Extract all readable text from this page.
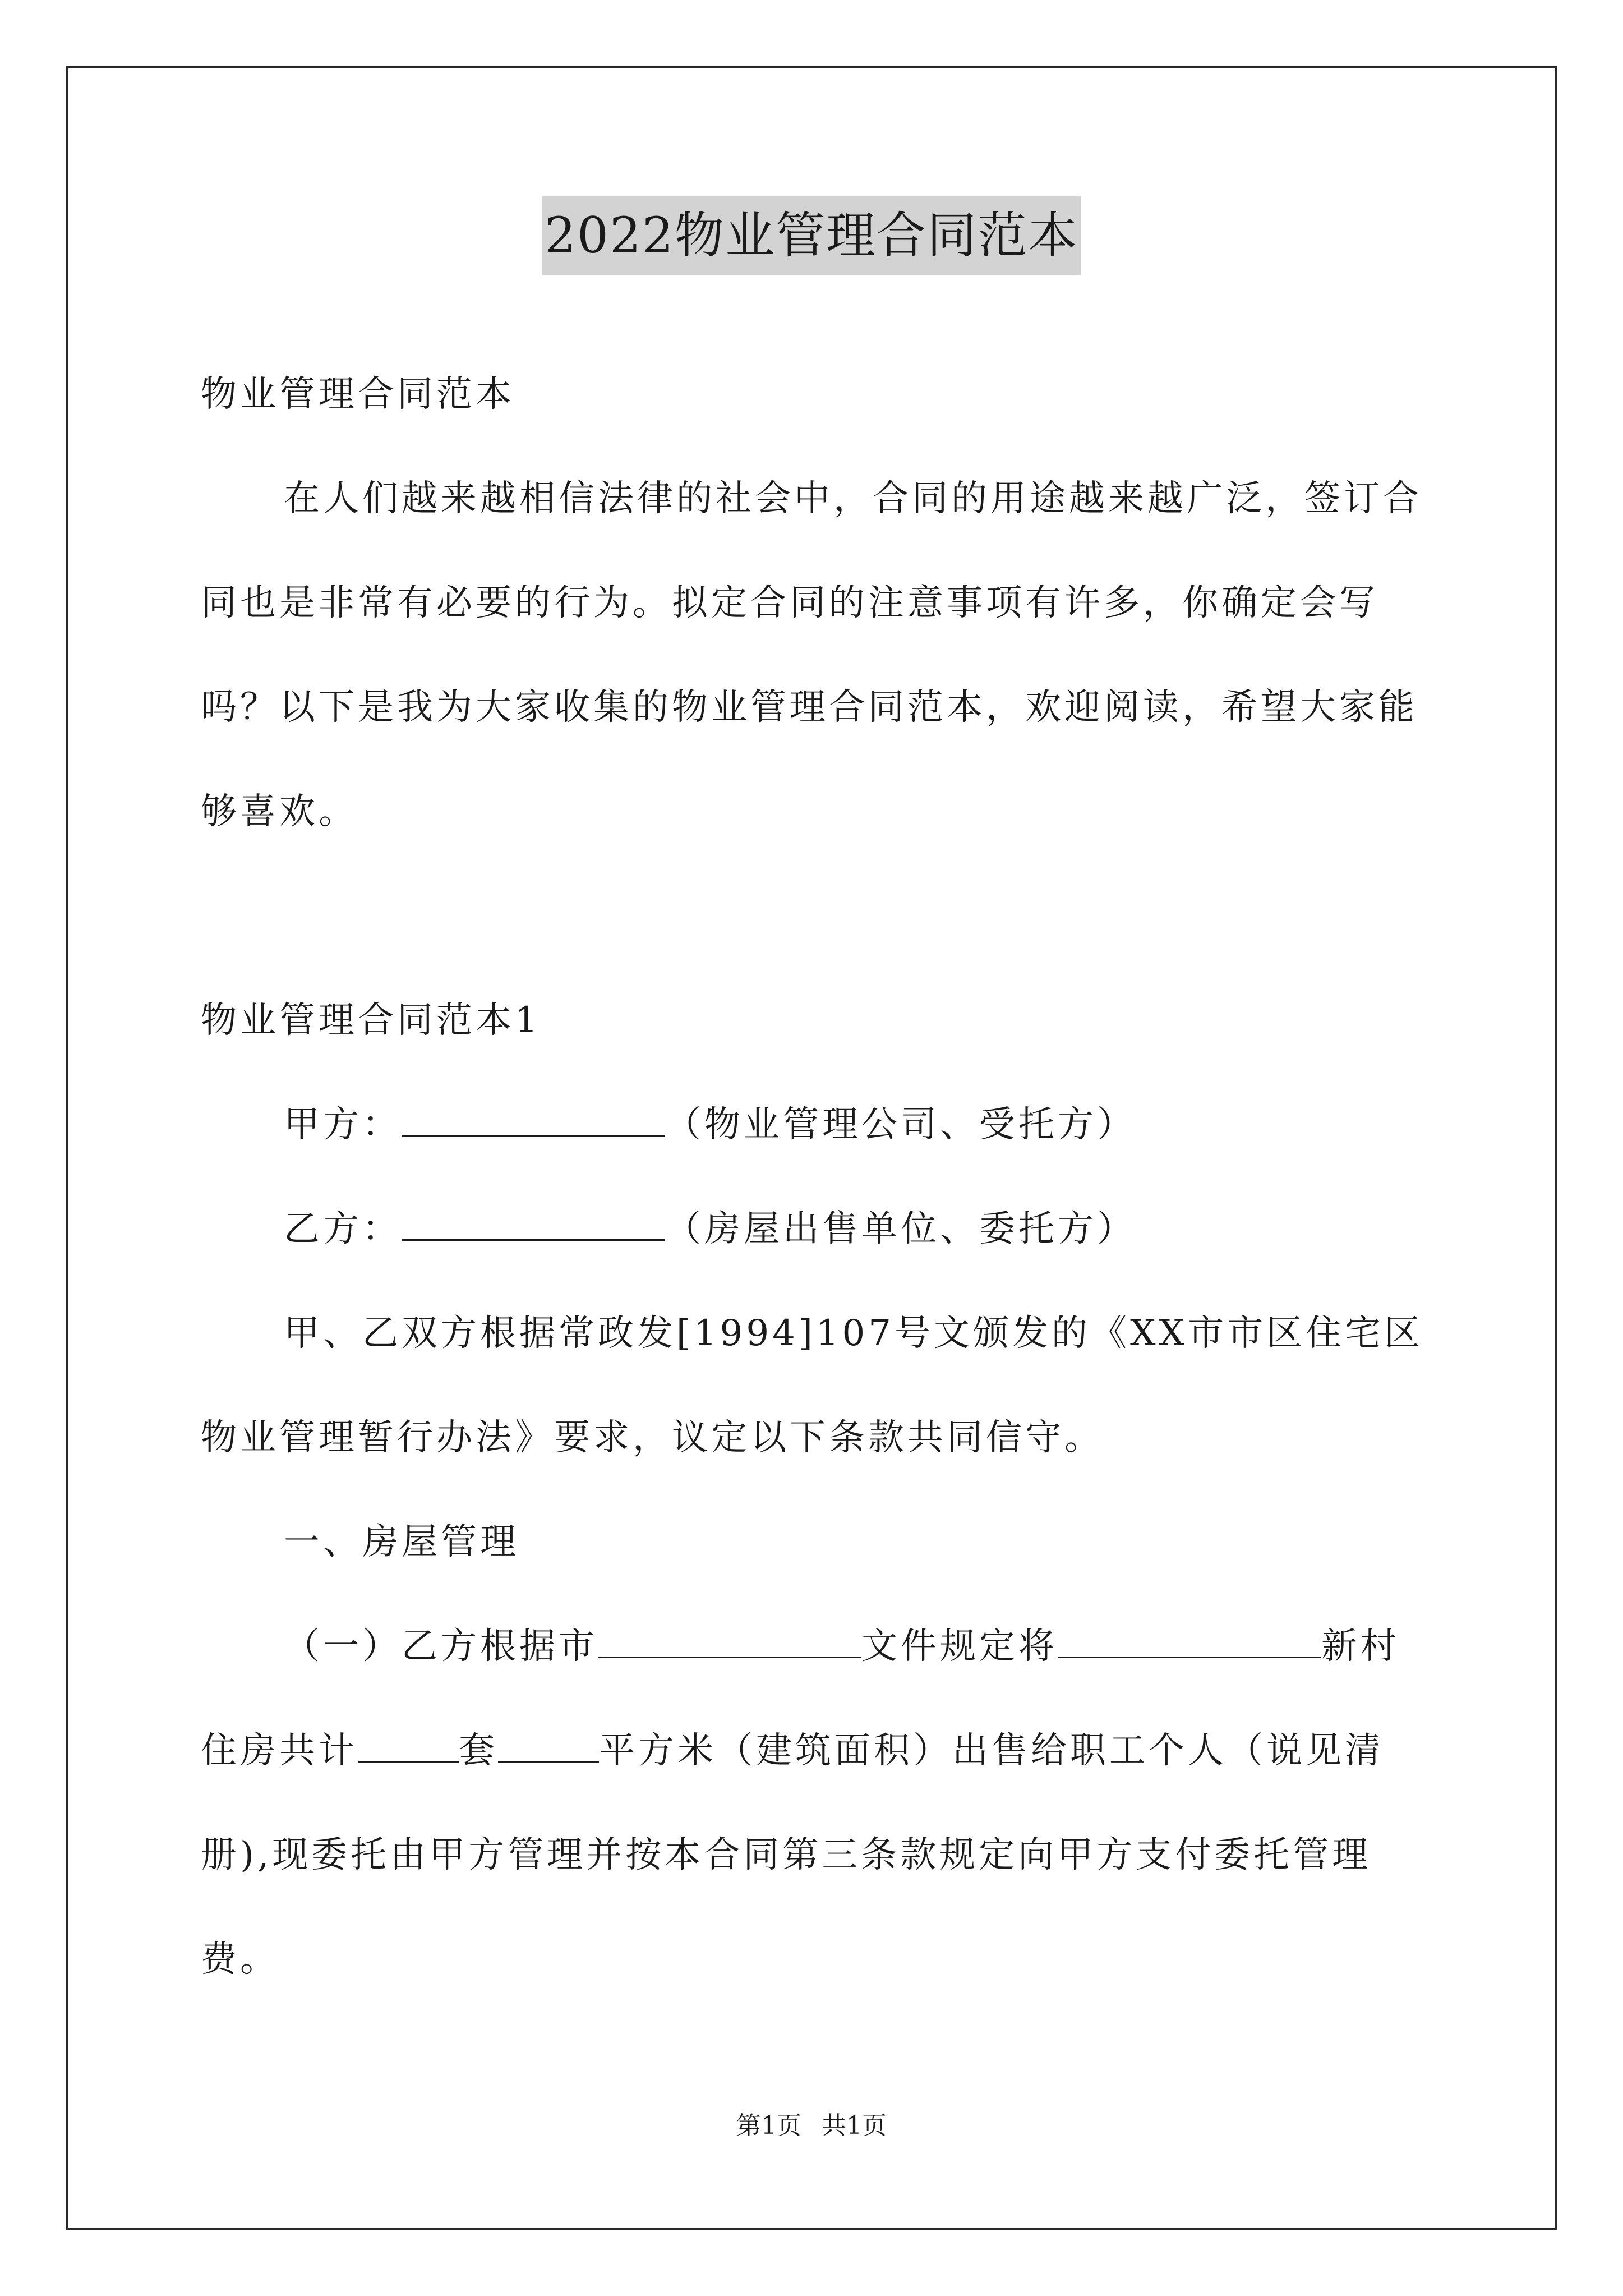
2022物业管理合同范本

物业管理合同范本

在人们越来越相信法律的社会中，合同的用途越来越广泛，签订合同也是非常有必要的行为。拟定合同的注意事项有许多，你确定会写吗？以下是我为大家收集的物业管理合同范本，欢迎阅读，希望大家能够喜欢。

物业管理合同范本1

甲方：	（物业管理公司、受托方）

乙方：	（房屋出售单位、委托方）

甲、乙双方根据常政发[1994]107号文颁发的《XX市市区住宅区物业管理暂行办法》要求，议定以下条款共同信守。

一、房屋管理

（一）乙方根据市	文件规定将	新村住房共计	套	平方米（建筑面积）出售给职工个人（说见清册),现委托由甲方管理并按本合同第三条款规定向甲方支付委托管理费。

第1页 共1页
